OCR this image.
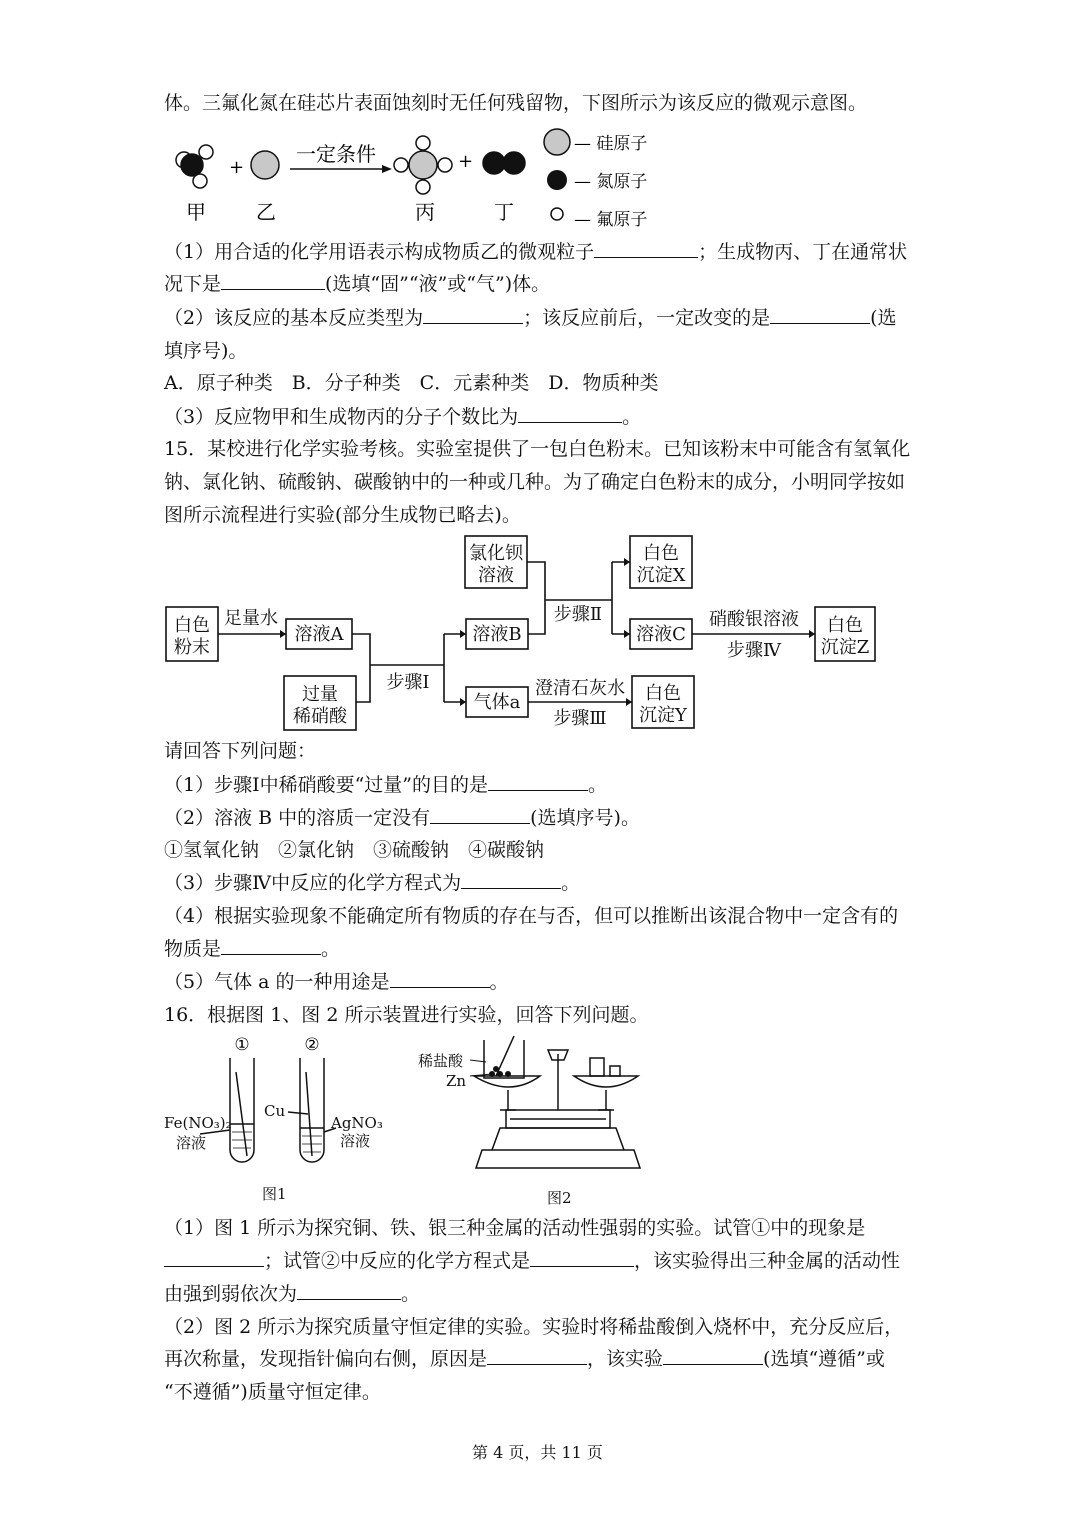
体。三氟化氮在硅芯片表面蚀刻时无任何残留物，下图所示为该反应的微观示意图。
+
一定条件	+
甲	乙	丙	丁
— 硅原子
— 氮原子
— 氟原子
（1）用合适的化学用语表示构成物质乙的微观粒子	；生成物丙、丁在通常状
况下是	(选填“固”“液”或“气”)体。
（2）该反应的基本反应类型为	；该反应前后，一定改变的是	(选
填序号)。
A．原子种类　B．分子种类　C．元素种类　D．物质种类
（3）反应物甲和生成物丙的分子个数比为	。
15．某校进行化学实验考核。实验室提供了一包白色粉末。已知该粉末中可能含有氢氧化
钠、氯化钠、硫酸钠、碳酸钠中的一种或几种。为了确定白色粉末的成分，小明同学按如
图所示流程进行实验(部分生成物已略去)。
白色
粉末
足量水
溶液A
过量
稀硝酸
步骤Ⅰ
氯化钡
溶液
溶液B
气体a
步骤Ⅱ
白色
沉淀X
溶液C
硝酸银溶液
步骤Ⅳ
白色
沉淀Z
澄清石灰水
步骤Ⅲ
白色
沉淀Y
请回答下列问题：
（1）步骤Ⅰ中稀硝酸要“过量”的目的是	。
（2）溶液 B 中的溶质一定没有	(选填序号)。
①氢氧化钠　②氯化钠　③硫酸钠　④碳酸钠
（3）步骤Ⅳ中反应的化学方程式为	。
（4）根据实验现象不能确定所有物质的存在与否，但可以推断出该混合物中一定含有的
物质是	。
（5）气体 a 的一种用途是	。
16．根据图 1、图 2 所示装置进行实验，回答下列问题。
①	②
Fe(NO₃)₂
溶液
Cu
AgNO₃
溶液
图1
稀盐酸
Zn
图2
（1）图 1 所示为探究铜、铁、银三种金属的活动性强弱的实验。试管①中的现象是
；试管②中反应的化学方程式是	，该实验得出三种金属的活动性
由强到弱依次为	。
（2）图 2 所示为探究质量守恒定律的实验。实验时将稀盐酸倒入烧杯中，充分反应后，
再次称量，发现指针偏向右侧，原因是	，该实验	(选填“遵循”或
“不遵循”)质量守恒定律。
第 4 页，共 11 页
